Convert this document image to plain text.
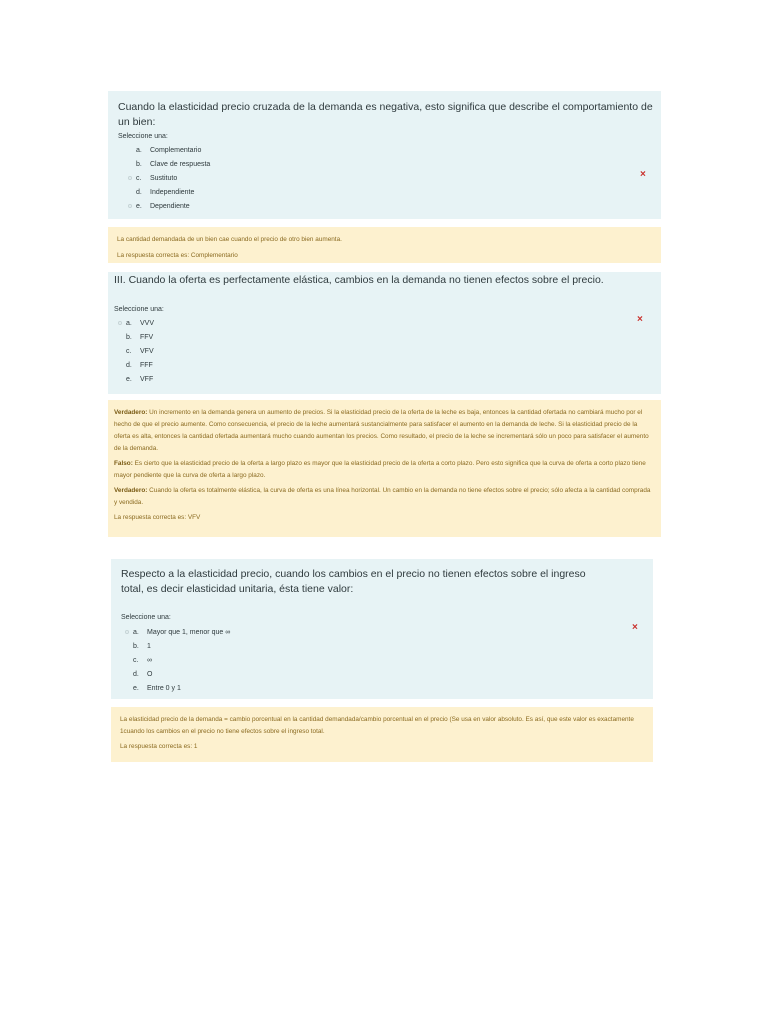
Cuando la elasticidad precio cruzada de la demanda es negativa, esto significa que describe el comportamiento de un bien:
Seleccione una:
a.	Complementario
b.	Clave de respuesta
c.	Sustituto
d.	Independiente
e.	Dependiente
×
La cantidad demandada de un bien cae cuando el precio de otro bien aumenta.
La respuesta correcta es: Complementario
III. Cuando la oferta es perfectamente elástica, cambios en la demanda no tienen efectos sobre el precio.
Seleccione una:
a.	VVV
b.	FFV
c.	VFV
d.	FFF
e.	VFF
×

Verdadero: Un incremento en la demanda genera un aumento de precios. Si la elasticidad precio de la oferta de la leche es baja, entonces la cantidad ofertada no cambiará mucho por el hecho de que el precio aumente. Como consecuencia, el precio de la leche aumentará sustancialmente para satisfacer el aumento en la demanda de leche. Si la elasticidad precio de la oferta es alta, entonces la cantidad ofertada aumentará mucho cuando aumentan los precios. Como resultado, el precio de la leche se incrementará sólo un poco para satisfacer el aumento de la demanda.

Falso: Es cierto que la elasticidad precio de la oferta a largo plazo es mayor que la elasticidad precio de la oferta a corto plazo. Pero esto significa que la curva de oferta a corto plazo tiene mayor pendiente que la curva de oferta a largo plazo.

Verdadero: Cuando la oferta es totalmente elástica, la curva de oferta es una línea horizontal. Un cambio en la demanda no tiene efectos sobre el precio; sólo afecta a la cantidad comprada y vendida.

La respuesta correcta es: VFV

Respecto a la elasticidad precio, cuando los cambios en el precio no tienen efectos sobre el ingreso total, es decir elasticidad unitaria, ésta tiene valor:
Seleccione una:
a.	Mayor que 1, menor que ∞
b.	1
c.	∞
d.	O
e.	Entre 0 y 1
×

La elasticidad precio de la demanda = cambio porcentual en la cantidad demandada/cambio porcentual en el precio (Se usa en valor absoluto. Es así, que este valor es exactamente 1cuando los cambios en el precio no tiene efectos sobre el ingreso total.

La respuesta correcta es: 1
